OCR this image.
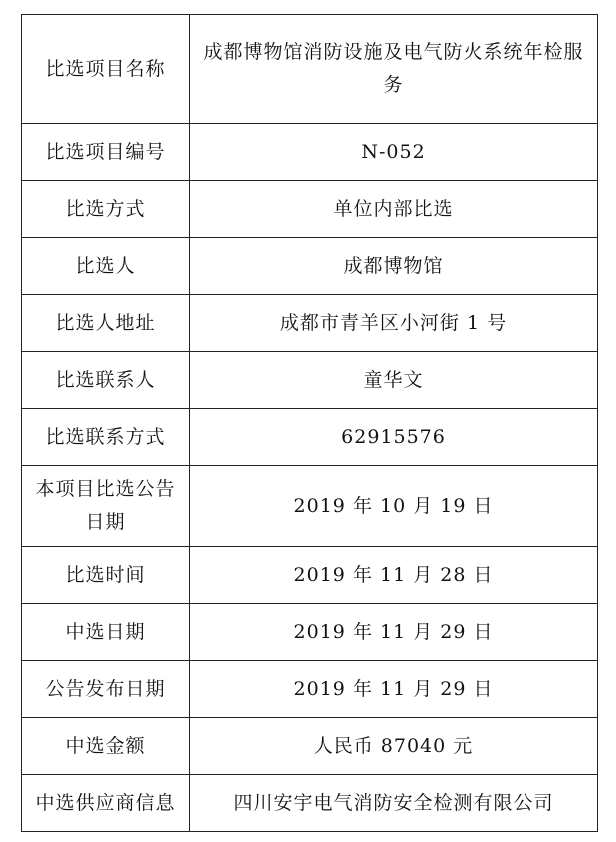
比选项目名称	成都博物馆消防设施及电气防火系统年检服务
比选项目编号	N-052
比选方式	单位内部比选
比选人	成都博物馆
比选人地址	成都市青羊区小河街 1 号
比选联系人	童华文
比选联系方式	62915576
本项目比选公告日期	2019 年 10 月 19 日
比选时间	2019 年 11 月 28 日
中选日期	2019 年 11 月 29 日
公告发布日期	2019 年 11 月 29 日
中选金额	人民币 87040 元
中选供应商信息	四川安宇电气消防安全检测有限公司
